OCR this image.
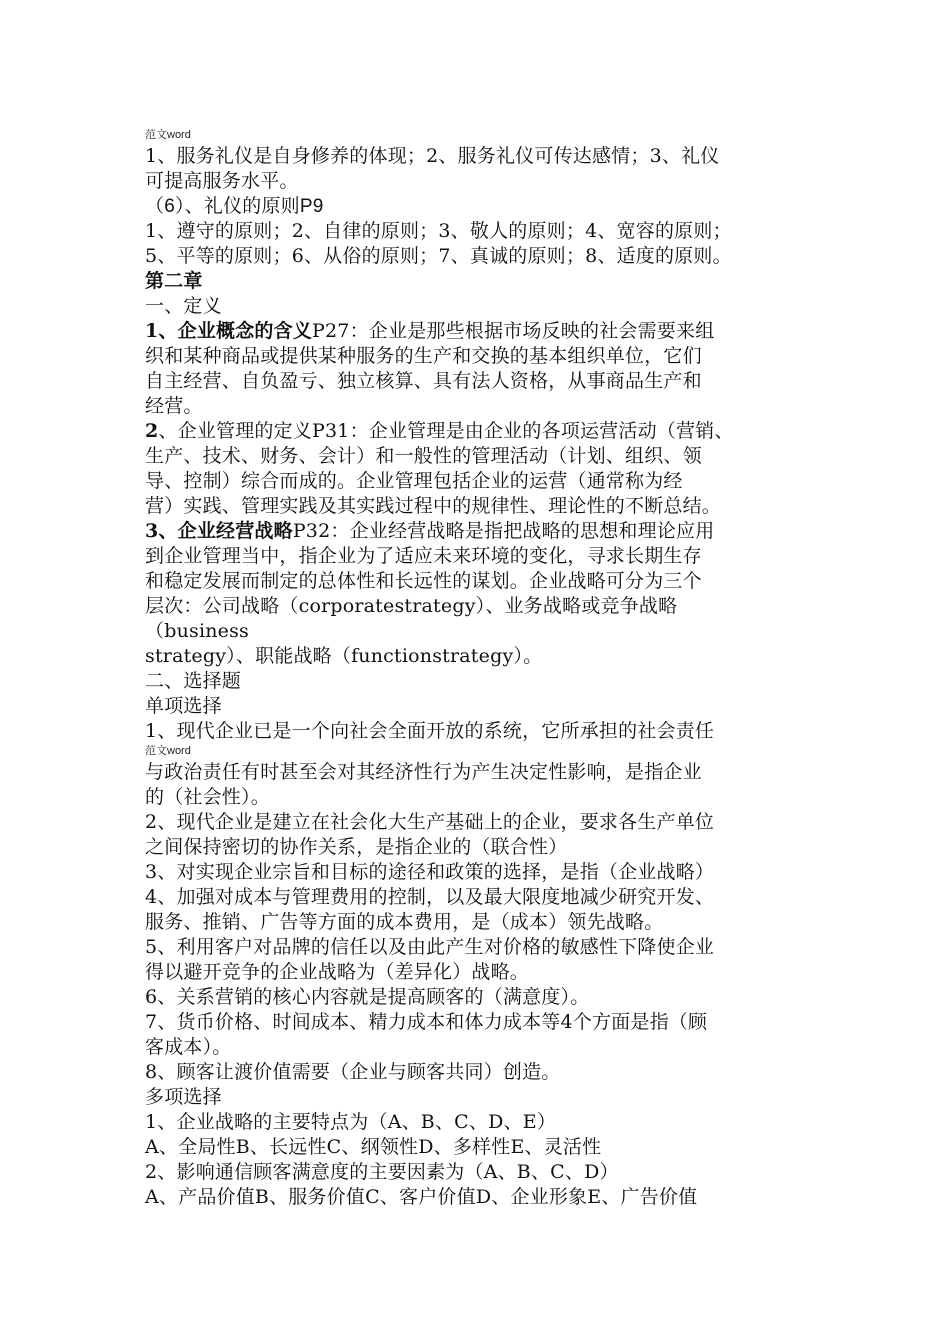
范文word
1、服务礼仪是自身修养的体现；2、服务礼仪可传达感情；3、礼仪
可提高服务水平。
（6）、礼仪的原则P9
1、遵守的原则；2、自律的原则；3、敬人的原则；4、宽容的原则；
5、平等的原则；6、从俗的原则；7、真诚的原则；8、适度的原则。
第二章
一、定义
1、企业概念的含义P27：企业是那些根据市场反映的社会需要来组
织和某种商品或提供某种服务的生产和交换的基本组织单位，它们
自主经营、自负盈亏、独立核算、具有法人资格，从事商品生产和
经营。
2、企业管理的定义P31：企业管理是由企业的各项运营活动（营销、
生产、技术、财务、会计）和一般性的管理活动（计划、组织、领
导、控制）综合而成的。企业管理包括企业的运营（通常称为经
营）实践、管理实践及其实践过程中的规律性、理论性的不断总结。
3、企业经营战略P32：企业经营战略是指把战略的思想和理论应用
到企业管理当中，指企业为了适应未来环境的变化，寻求长期生存
和稳定发展而制定的总体性和长远性的谋划。企业战略可分为三个
层次：公司战略（corporatestrategy）、业务战略或竞争战略
（business
strategy）、职能战略（functionstrategy）。
二、选择题
单项选择
1、现代企业已是一个向社会全面开放的系统，它所承担的社会责任
范文word
与政治责任有时甚至会对其经济性行为产生决定性影响，是指企业
的（社会性）。
2、现代企业是建立在社会化大生产基础上的企业，要求各生产单位
之间保持密切的协作关系，是指企业的（联合性）
3、对实现企业宗旨和目标的途径和政策的选择，是指（企业战略）
4、加强对成本与管理费用的控制，以及最大限度地减少研究开发、
服务、推销、广告等方面的成本费用，是（成本）领先战略。
5、利用客户对品牌的信任以及由此产生对价格的敏感性下降使企业
得以避开竞争的企业战略为（差异化）战略。
6、关系营销的核心内容就是提高顾客的（满意度）。
7、货币价格、时间成本、精力成本和体力成本等4个方面是指（顾
客成本）。
8、顾客让渡价值需要（企业与顾客共同）创造。
多项选择
1、企业战略的主要特点为（A、B、C、D、E）
A、全局性B、长远性C、纲领性D、多样性E、灵活性
2、影响通信顾客满意度的主要因素为（A、B、C、D）
A、产品价值B、服务价值C、客户价值D、企业形象E、广告价值
